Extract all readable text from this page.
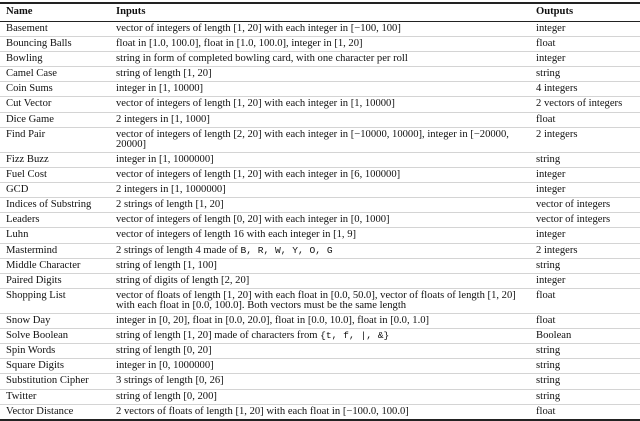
Name	Inputs	Outputs
Basement	vector of integers of length [1, 20] with each integer in [−100, 100]	integer
Bouncing Balls	float in [1.0, 100.0], float in [1.0, 100.0], integer in [1, 20]	float
Bowling	string in form of completed bowling card, with one character per roll	integer
Camel Case	string of length [1, 20]	string
Coin Sums	integer in [1, 10000]	4 integers
Cut Vector	vector of integers of length [1, 20] with each integer in [1, 10000]	2 vectors of integers
Dice Game	2 integers in [1, 1000]	float
Find Pair	vector of integers of length [2, 20] with each integer in [−10000, 10000], integer in [−20000, 20000]	2 integers
Fizz Buzz	integer in [1, 1000000]	string
Fuel Cost	vector of integers of length [1, 20] with each integer in [6, 100000]	integer
GCD	2 integers in [1, 1000000]	integer
Indices of Substring	2 strings of length [1, 20]	vector of integers
Leaders	vector of integers of length [0, 20] with each integer in [0, 1000]	vector of integers
Luhn	vector of integers of length 16 with each integer in [1, 9]	integer
Mastermind	2 strings of length 4 made of B, R, W, Y, O, G	2 integers
Middle Character	string of length [1, 100]	string
Paired Digits	string of digits of length [2, 20]	integer
Shopping List	vector of floats of length [1, 20] with each float in [0.0, 50.0], vector of floats of length [1, 20] with each float in [0.0, 100.0]. Both vectors must be the same length	float
Snow Day	integer in [0, 20], float in [0.0, 20.0], float in [0.0, 10.0], float in [0.0, 1.0]	float
Solve Boolean	string of length [1, 20] made of characters from {t, f, |, &}	Boolean
Spin Words	string of length [0, 20]	string
Square Digits	integer in [0, 1000000]	string
Substitution Cipher	3 strings of length [0, 26]	string
Twitter	string of length [0, 200]	string
Vector Distance	2 vectors of floats of length [1, 20] with each float in [−100.0, 100.0]	float
